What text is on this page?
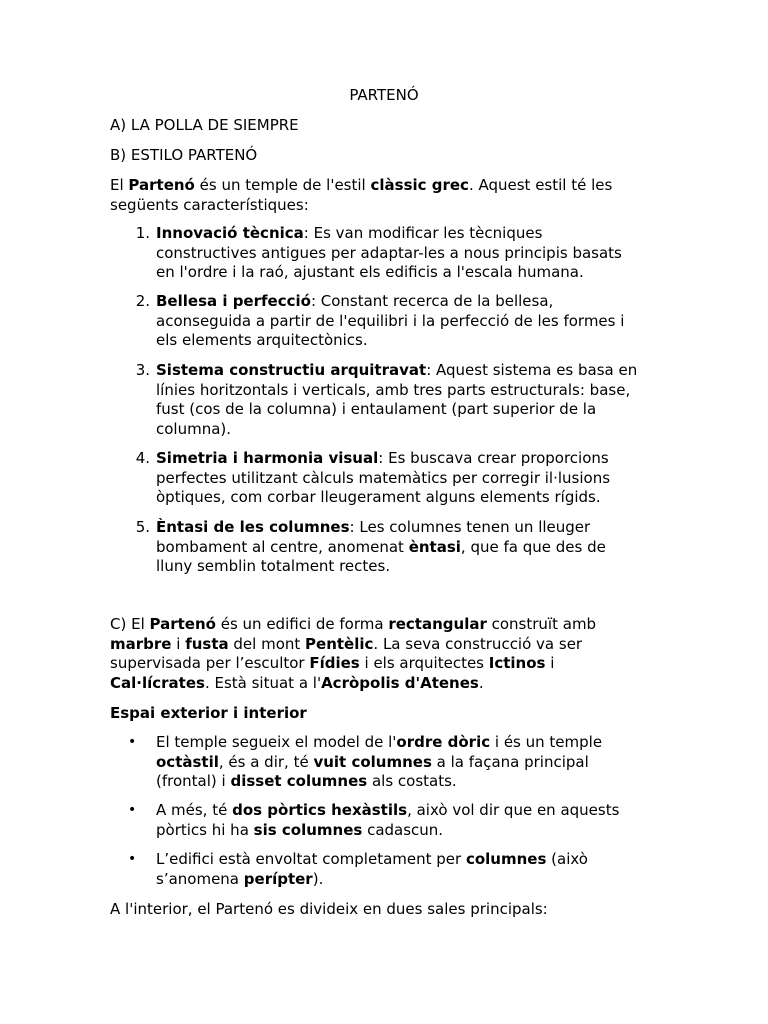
PARTENÓ

A) LA POLLA DE SIEMPRE

B) ESTILO PARTENÓ

El Partenó és un temple de l'estil clàssic grec. Aquest estil té les
següents característiques:

1. Innovació tècnica: Es van modificar les tècniques
constructives antigues per adaptar-les a nous principis basats
en l'ordre i la raó, ajustant els edificis a l'escala humana.

2. Bellesa i perfecció: Constant recerca de la bellesa,
aconseguida a partir de l'equilibri i la perfecció de les formes i
els elements arquitectònics.

3. Sistema constructiu arquitravat: Aquest sistema es basa en
línies horitzontals i verticals, amb tres parts estructurals: base,
fust (cos de la columna) i entaulament (part superior de la
columna).

4. Simetria i harmonia visual: Es buscava crear proporcions
perfectes utilitzant càlculs matemàtics per corregir il·lusions
òptiques, com corbar lleugerament alguns elements rígids.

5. Èntasi de les columnes: Les columnes tenen un lleuger
bombament al centre, anomenat èntasi, que fa que des de
lluny semblin totalment rectes.

C) El Partenó és un edifici de forma rectangular construït amb
marbre i fusta del mont Pentèlic. La seva construcció va ser
supervisada per l’escultor Fídies i els arquitectes Ictinos i
Cal·lícrates. Està situat a l'Acròpolis d'Atenes.

Espai exterior i interior

• El temple segueix el model de l'ordre dòric i és un temple
octàstil, és a dir, té vuit columnes a la façana principal
(frontal) i disset columnes als costats.

• A més, té dos pòrtics hexàstils, això vol dir que en aquests
pòrtics hi ha sis columnes cadascun.

• L’edifici està envoltat completament per columnes (això
s’anomena perípter).

A l'interior, el Partenó es divideix en dues sales principals:
